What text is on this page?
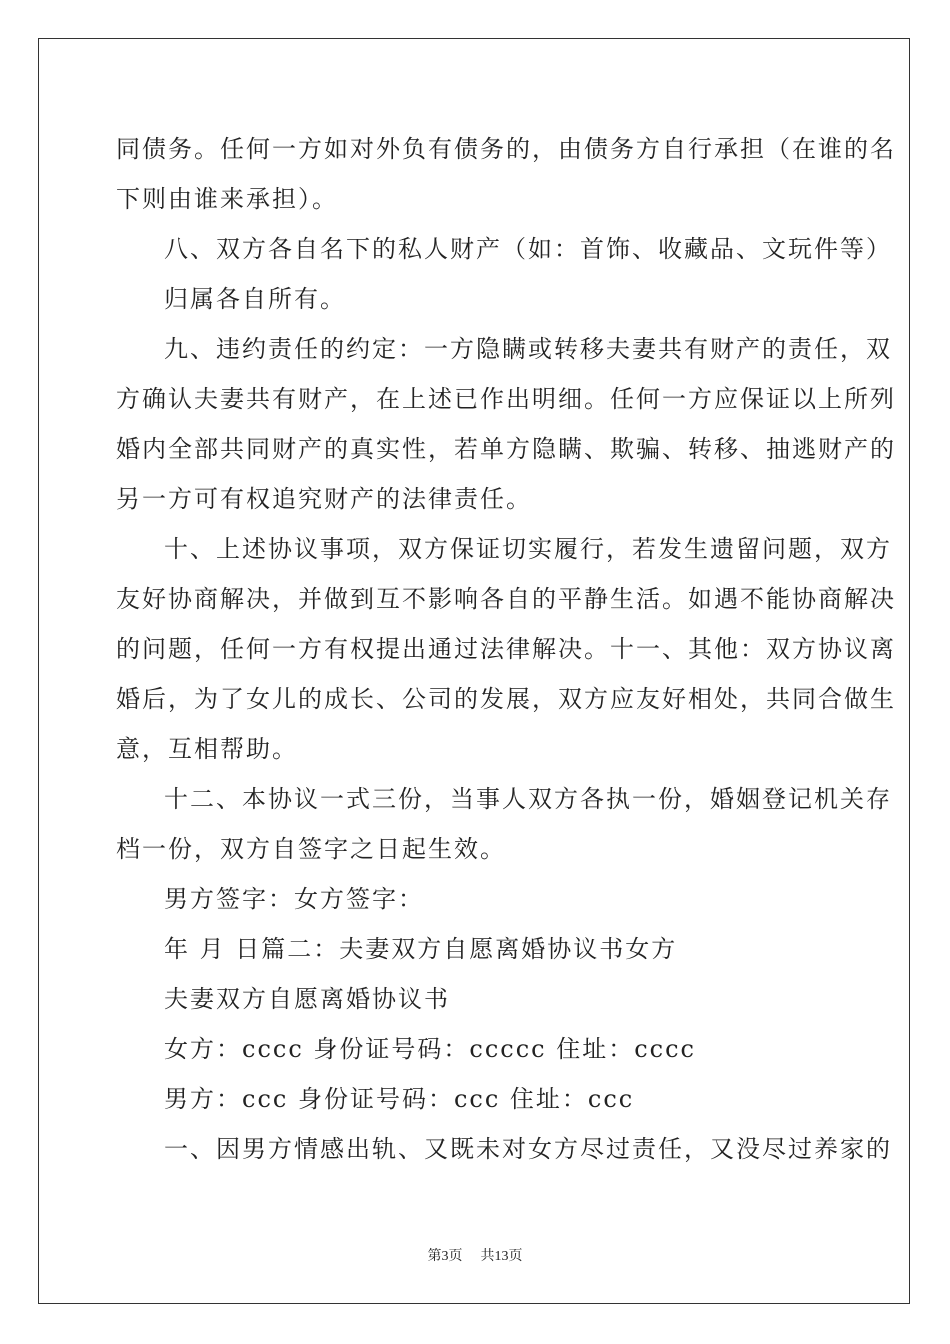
同债务。任何一方如对外负有债务的，由债务方自行承担（在谁的名
下则由谁来承担）。
八、双方各自名下的私人财产（如：首饰、收藏品、文玩件等）
归属各自所有。
九、违约责任的约定：一方隐瞒或转移夫妻共有财产的责任，双
方确认夫妻共有财产，在上述已作出明细。任何一方应保证以上所列
婚内全部共同财产的真实性，若单方隐瞒、欺骗、转移、抽逃财产的
另一方可有权追究财产的法律责任。
十、上述协议事项，双方保证切实履行，若发生遗留问题，双方
友好协商解决，并做到互不影响各自的平静生活。如遇不能协商解决
的问题，任何一方有权提出通过法律解决。十一、其他：双方协议离
婚后，为了女儿的成长、公司的发展，双方应友好相处，共同合做生
意，互相帮助。
十二、本协议一式三份，当事人双方各执一份，婚姻登记机关存
档一份，双方自签字之日起生效。
男方签字：女方签字：
年 月 日篇二：夫妻双方自愿离婚协议书女方
夫妻双方自愿离婚协议书
女方：cccc 身份证号码：ccccc 住址：cccc
男方：ccc 身份证号码：ccc 住址：ccc
一、因男方情感出轨、又既未对女方尽过责任，又没尽过养家的
第3页 共13页
